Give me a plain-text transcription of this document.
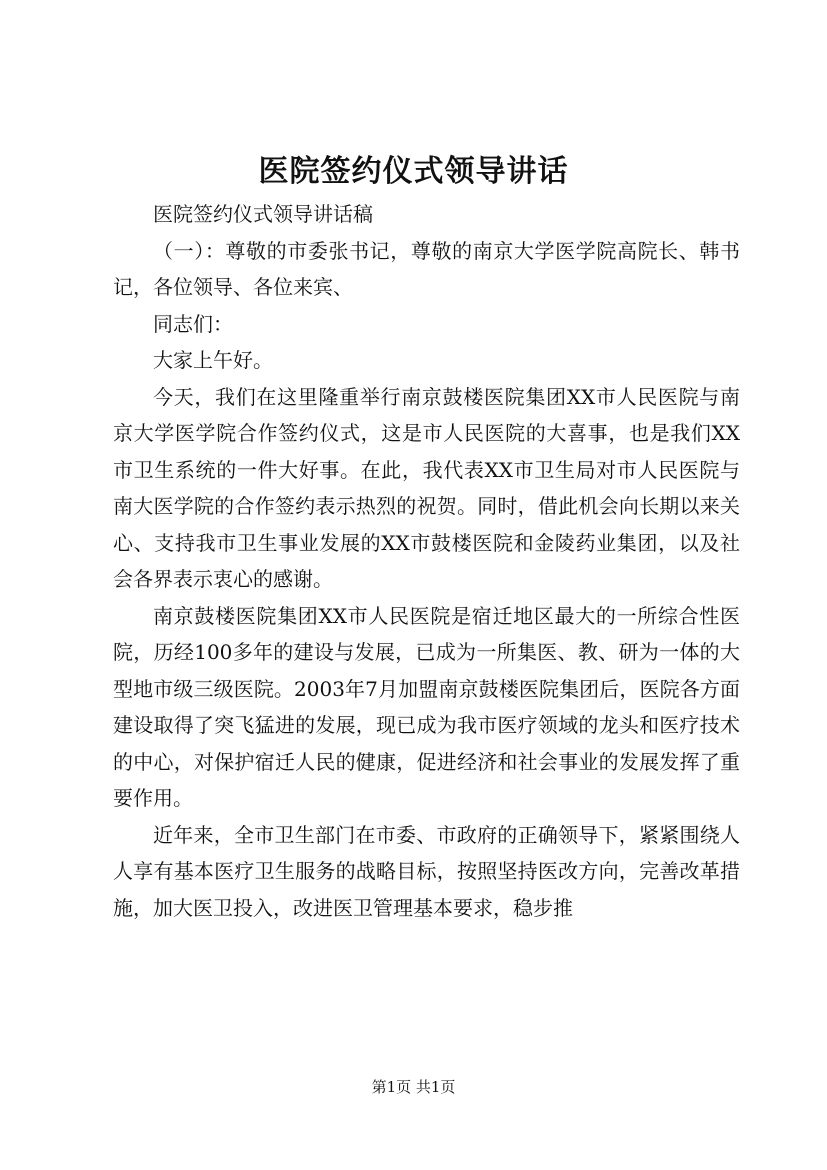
医院签约仪式领导讲话

医院签约仪式领导讲话稿

（一）：尊敬的市委张书记，尊敬的南京大学医学院高院长、韩书记，各位领导、各位来宾、

同志们：

大家上午好。

今天，我们在这里隆重举行南京鼓楼医院集团XX市人民医院与南京大学医学院合作签约仪式，这是市人民医院的大喜事，也是我们XX市卫生系统的一件大好事。在此，我代表XX市卫生局对市人民医院与南大医学院的合作签约表示热烈的祝贺。同时，借此机会向长期以来关心、支持我市卫生事业发展的XX市鼓楼医院和金陵药业集团，以及社会各界表示衷心的感谢。

南京鼓楼医院集团XX市人民医院是宿迁地区最大的一所综合性医院，历经100多年的建设与发展，已成为一所集医、教、研为一体的大型地市级三级医院。2003年7月加盟南京鼓楼医院集团后，医院各方面建设取得了突飞猛进的发展，现已成为我市医疗领域的龙头和医疗技术的中心，对保护宿迁人民的健康，促进经济和社会事业的发展发挥了重要作用。

近年来，全市卫生部门在市委、市政府的正确领导下，紧紧围绕人人享有基本医疗卫生服务的战略目标，按照坚持医改方向，完善改革措施，加大医卫投入，改进医卫管理基本要求，稳步推

第1页 共1页
